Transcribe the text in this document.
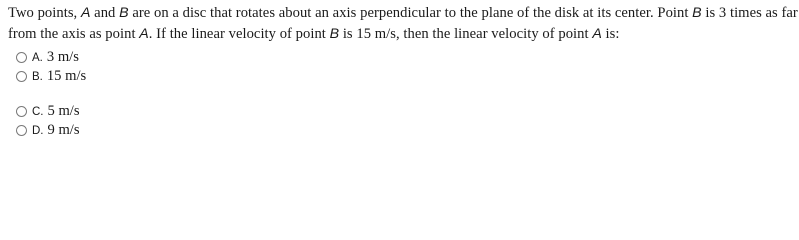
Two points, A and B are on a disc that rotates about an axis perpendicular to the plane of the disk at its center. Point B is 3 times as far from the axis as point A. If the linear velocity of point B is 15 m/s, then the linear velocity of point A is:
A. 3 m/s
B. 15 m/s
C. 5 m/s
D. 9 m/s
